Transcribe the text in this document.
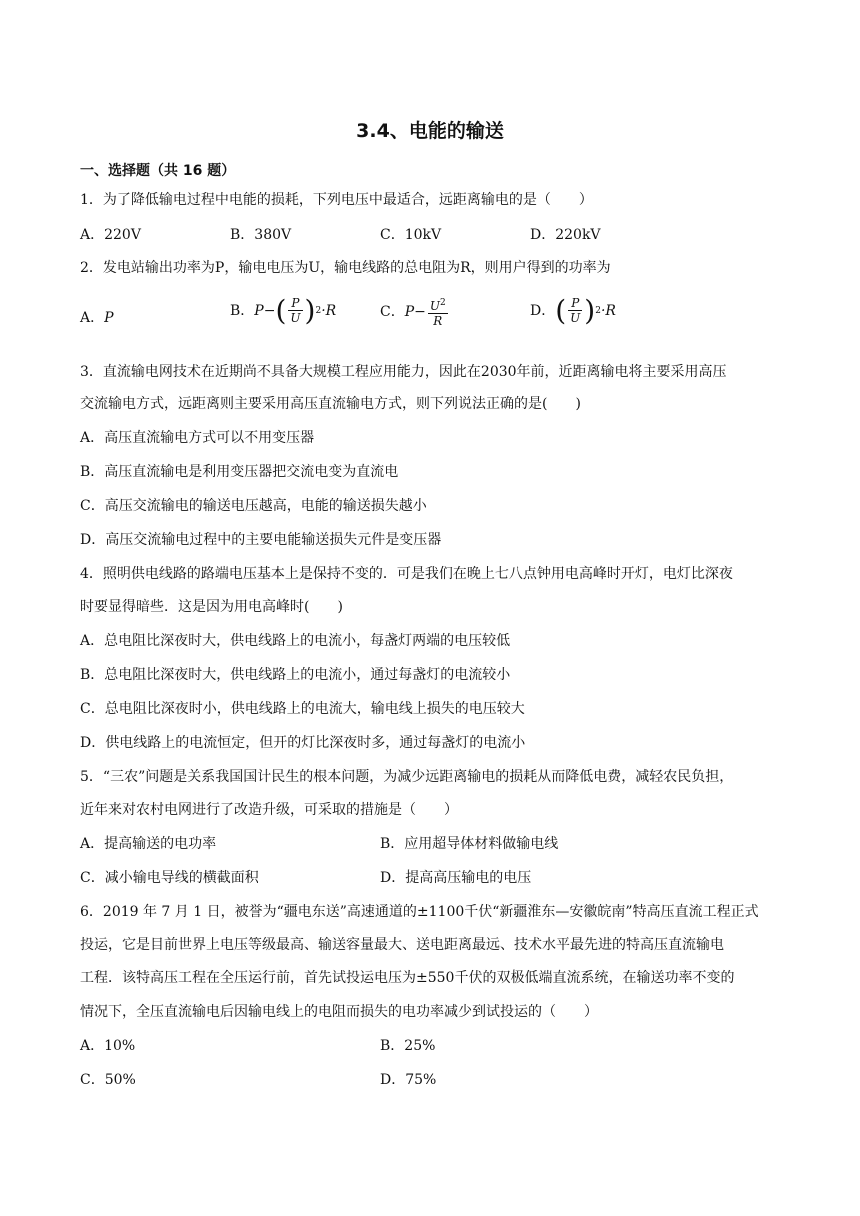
3.4、电能的输送
一、选择题（共 16 题）
1．为了降低输电过程中电能的损耗，下列电压中最适合，远距离输电的是（　　）
A．220V	B．380V	C．10kV	D．220kV
2．发电站输出功率为P，输电电压为U，输电线路的总电阻为R，则用户得到的功率为
A．P	B． P− ( $\frac{P}{U}$ ) 2 ·R	C． $P- \frac{U^2}{R}$	D． ( $\frac{P}{U}$ ) 2 ·R
3．直流输电网技术在近期尚不具备大规模工程应用能力，因此在2030年前，近距离输电将主要采用高压
交流输电方式，远距离则主要采用高压直流输电方式，则下列说法正确的是(　　)
A．高压直流输电方式可以不用变压器
B．高压直流输电是利用变压器把交流电变为直流电
C．高压交流输电的输送电压越高，电能的输送损失越小
D．高压交流输电过程中的主要电能输送损失元件是变压器
4．照明供电线路的路端电压基本上是保持不变的．可是我们在晚上七八点钟用电高峰时开灯，电灯比深夜
时要显得暗些．这是因为用电高峰时(　　)
A．总电阻比深夜时大，供电线路上的电流小，每盏灯两端的电压较低
B．总电阻比深夜时大，供电线路上的电流小，通过每盏灯的电流较小
C．总电阻比深夜时小，供电线路上的电流大，输电线上损失的电压较大
D．供电线路上的电流恒定，但开的灯比深夜时多，通过每盏灯的电流小
5．“三农”问题是关系我国国计民生的根本问题，为减少远距离输电的损耗从而降低电费，减轻农民负担，
近年来对农村电网进行了改造升级，可采取的措施是（　　）
A．提高输送的电功率	B．应用超导体材料做输电线
C．减小输电导线的横截面积	D．提高高压输电的电压
6．2019 年 7 月 1 日，被誉为“疆电东送”高速通道的±1100千伏“新疆淮东—安徽皖南”特高压直流工程正式
投运，它是目前世界上电压等级最高、输送容量最大、送电距离最远、技术水平最先进的特高压直流输电
工程．该特高压工程在全压运行前，首先试投运电压为±550千伏的双极低端直流系统，在输送功率不变的
情况下，全压直流输电后因输电线上的电阻而损失的电功率减少到试投运的（　　）
A．10%	B．25%
C．50%	D．75%
